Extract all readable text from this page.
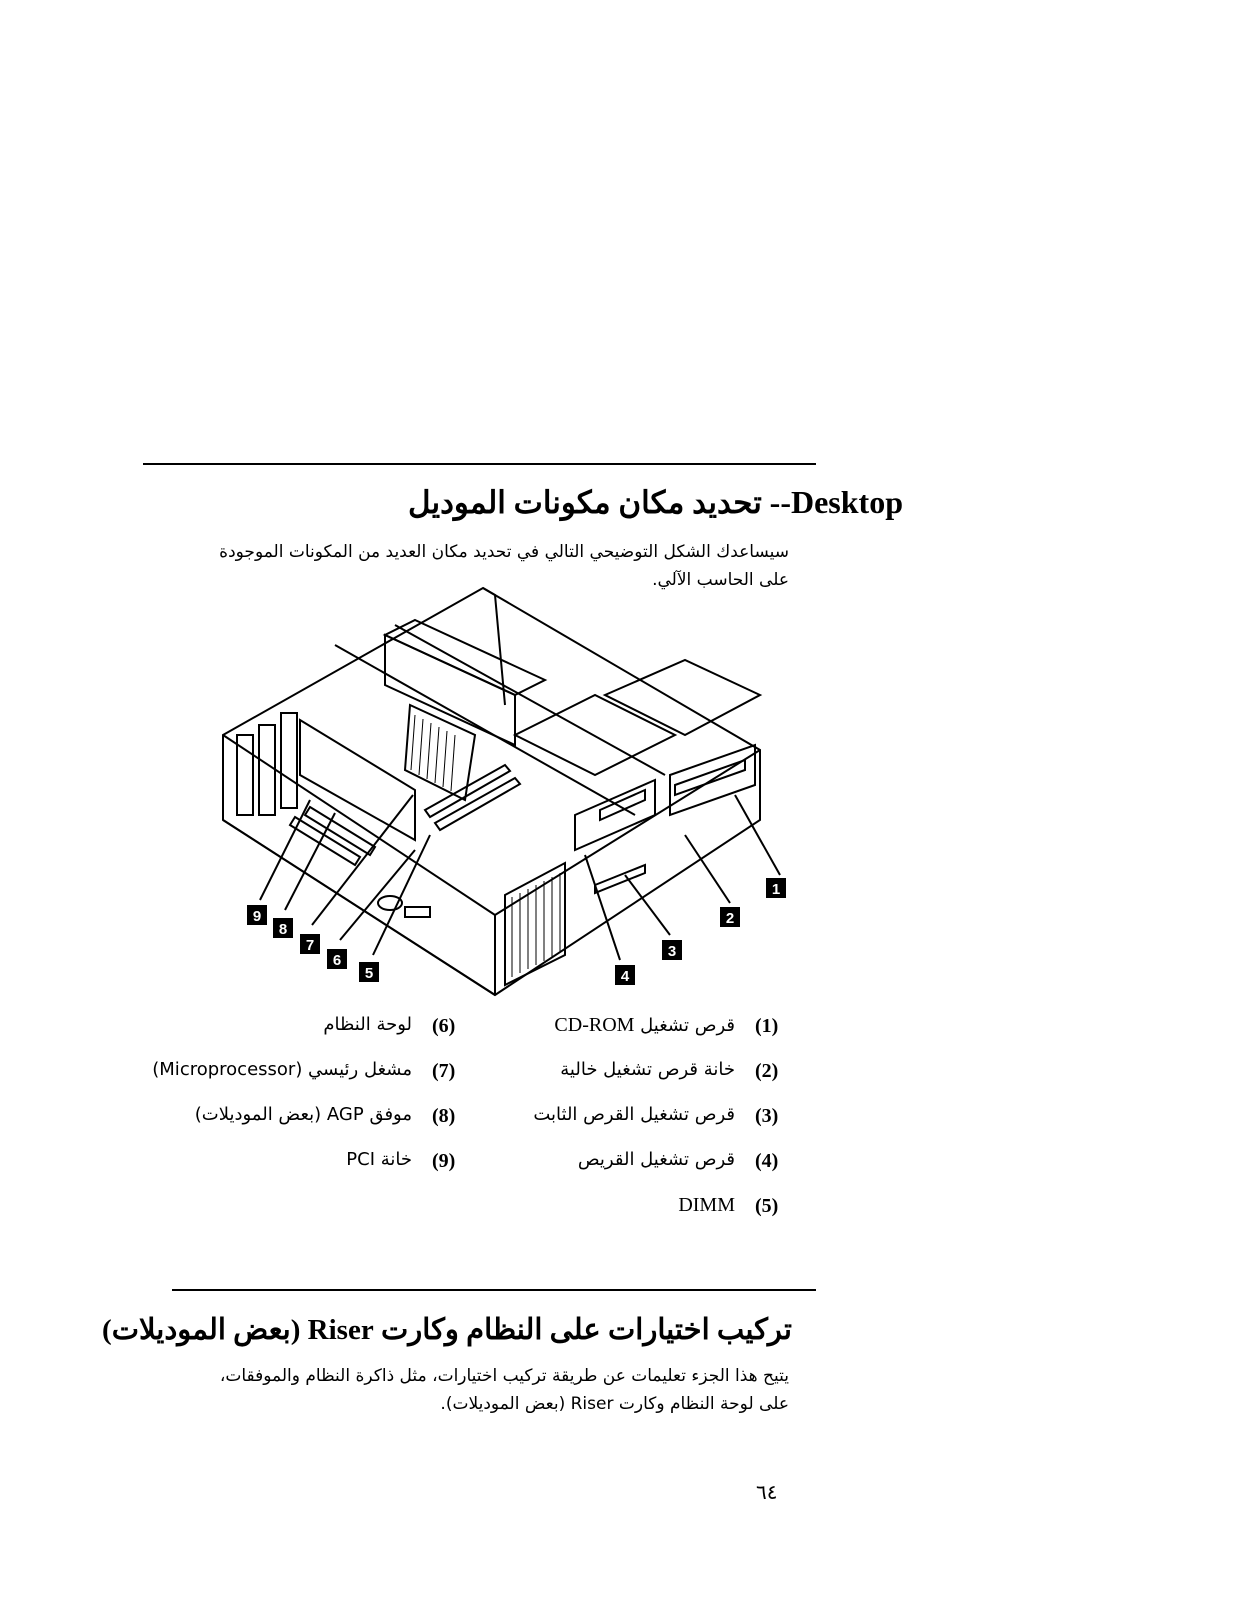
Desktop-- تحديد مكان مكونات الموديل
سيساعدك الشكل التوضيحي التالي في تحديد مكان العديد من المكونات الموجودة
على الحاسب الآلي.
1
2
3
4
5
6
7
8
9
(1)
قرص تشغيل CD-ROM
(2)
خانة قرص تشغيل خالية
(3)
قرص تشغيل القرص الثابت
(4)
قرص تشغيل القريص
(5)
DIMM
(6)
لوحة النظام
(7)
مشغل رئيسي (Microprocessor)
(8)
موفق AGP (بعض الموديلات)
(9)
خانة PCI
تركيب اختيارات على النظام وكارت Riser (بعض الموديلات)
يتيح هذا الجزء تعليمات عن طريقة تركيب اختيارات، مثل ذاكرة النظام والموفقات،
على لوحة النظام وكارت Riser (بعض الموديلات).
٦٤
